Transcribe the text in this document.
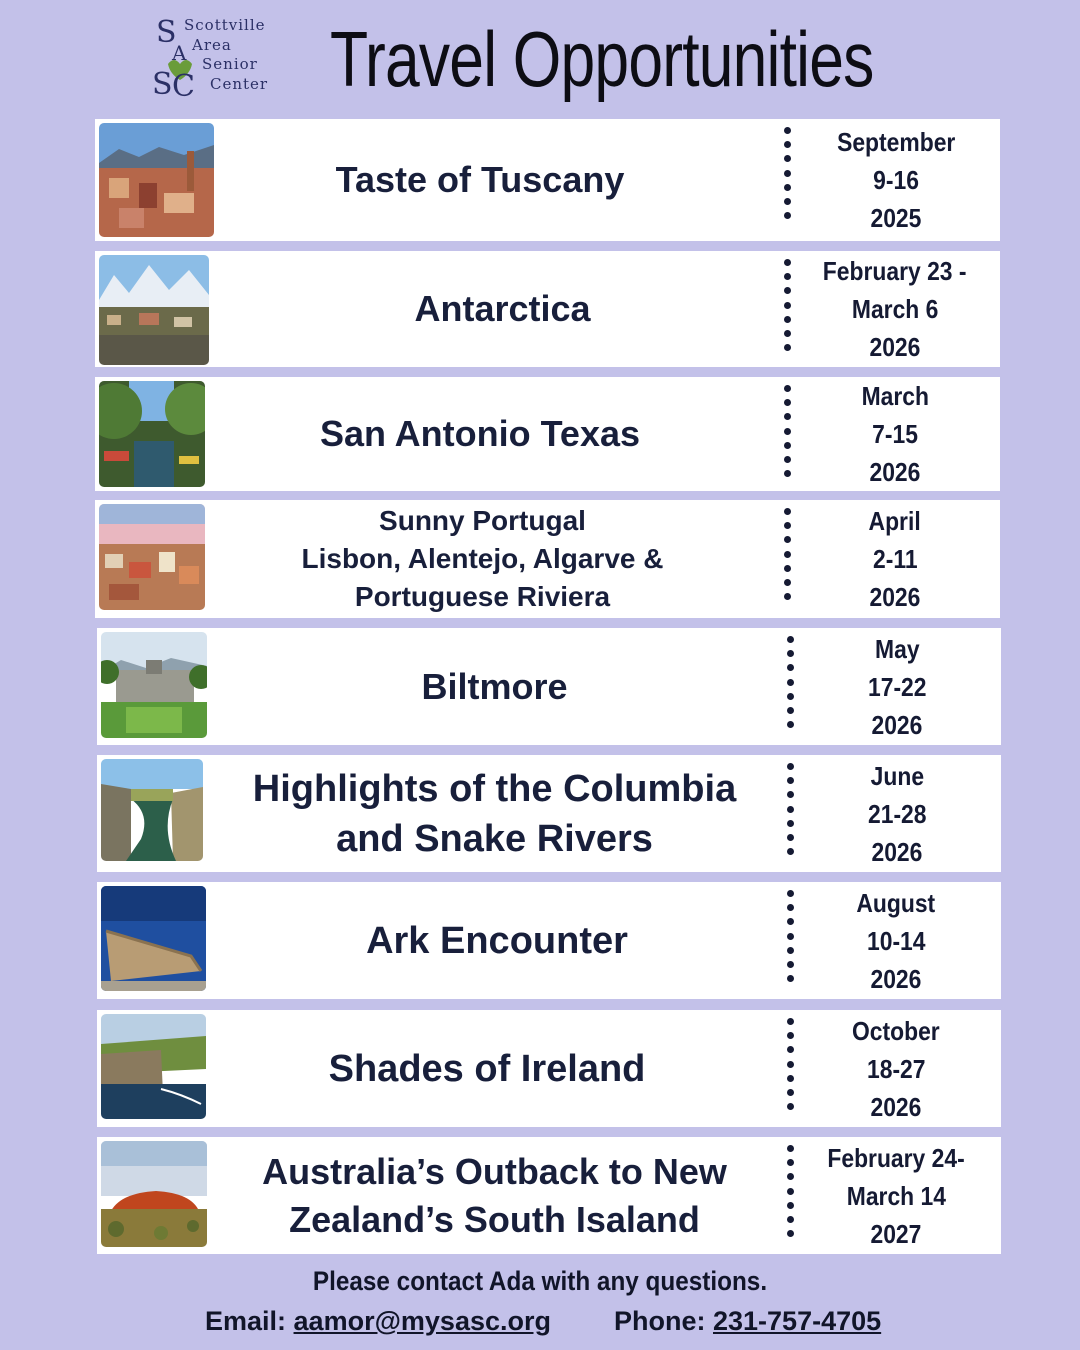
S
A
S C
Scottville
Area
Senior
Center Travel Opportunities
Taste of Tuscany
September
9-16
2025
Antarctica
February 23 -
March 6
2026
San Antonio Texas
March
7-15
2026
Sunny Portugal
Lisbon, Alentejo, Algarve &
Portuguese Riviera
April
2-11
2026
Biltmore
May
17-22
2026
Highlights of the Columbia
and Snake Rivers
June
21-28
2026
Ark Encounter
August
10-14
2026
Shades of Ireland
October
18-27
2026
Australia’s Outback to New
Zealand’s South Isaland
February 24-
March 14
2027
Please contact Ada with any questions.
Email: aamor@mysasc.org Phone: 231-757-4705
